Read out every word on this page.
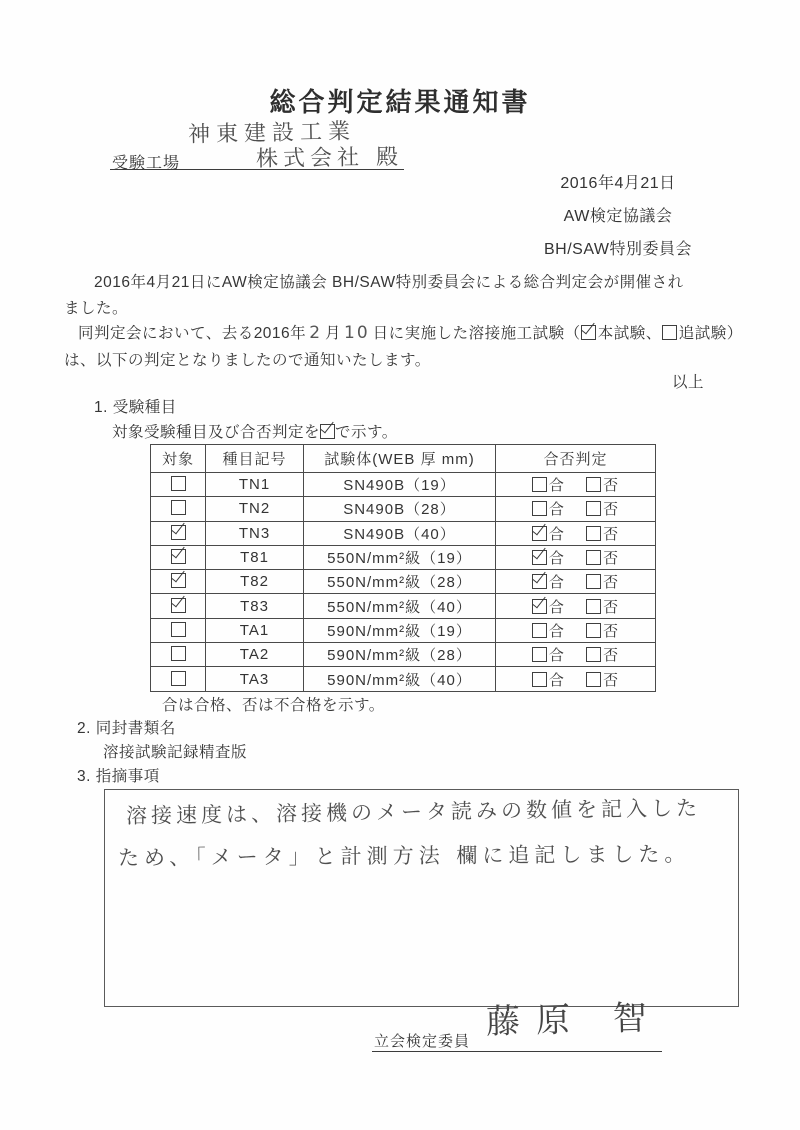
総合判定結果通知書
神東建設工業
受験工場	株式会社 殿
2016年4月21日
AW検定協議会
BH/SAW特別委員会
2016年4月21日にAW検定協議会 BH/SAW特別委員会による総合判定会が開催され
ました。
同判定会において、去る2016年 2 月 10 日に実施した溶接施工試験（ 本試験、 追試験）
は、以下の判定となりましたので通知いたします。
以上
1. 受験種目
対象受験種目及び合否判定を で示す。
対象	種目記号	試験体(WEB 厚 mm)	合否判定
	TN1	SN490B（19）	合 否
	TN2	SN490B（28）	合 否
	TN3	SN490B（40）	合 否
	T81	550N/mm²級（19）	合 否
	T82	550N/mm²級（28）	合 否
	T83	550N/mm²級（40）	合 否
	TA1	590N/mm²級（19）	合 否
	TA2	590N/mm²級（28）	合 否
	TA3	590N/mm²級（40）	合 否
合は合格、否は不合格を示す。
2. 同封書類名
溶接試験記録精査版
3. 指摘事項
溶接速度は、溶接機のメータ読みの数値を記入した
ため、「メータ」と計測方法 欄に追記しました。
立会検定委員 藤原 智
